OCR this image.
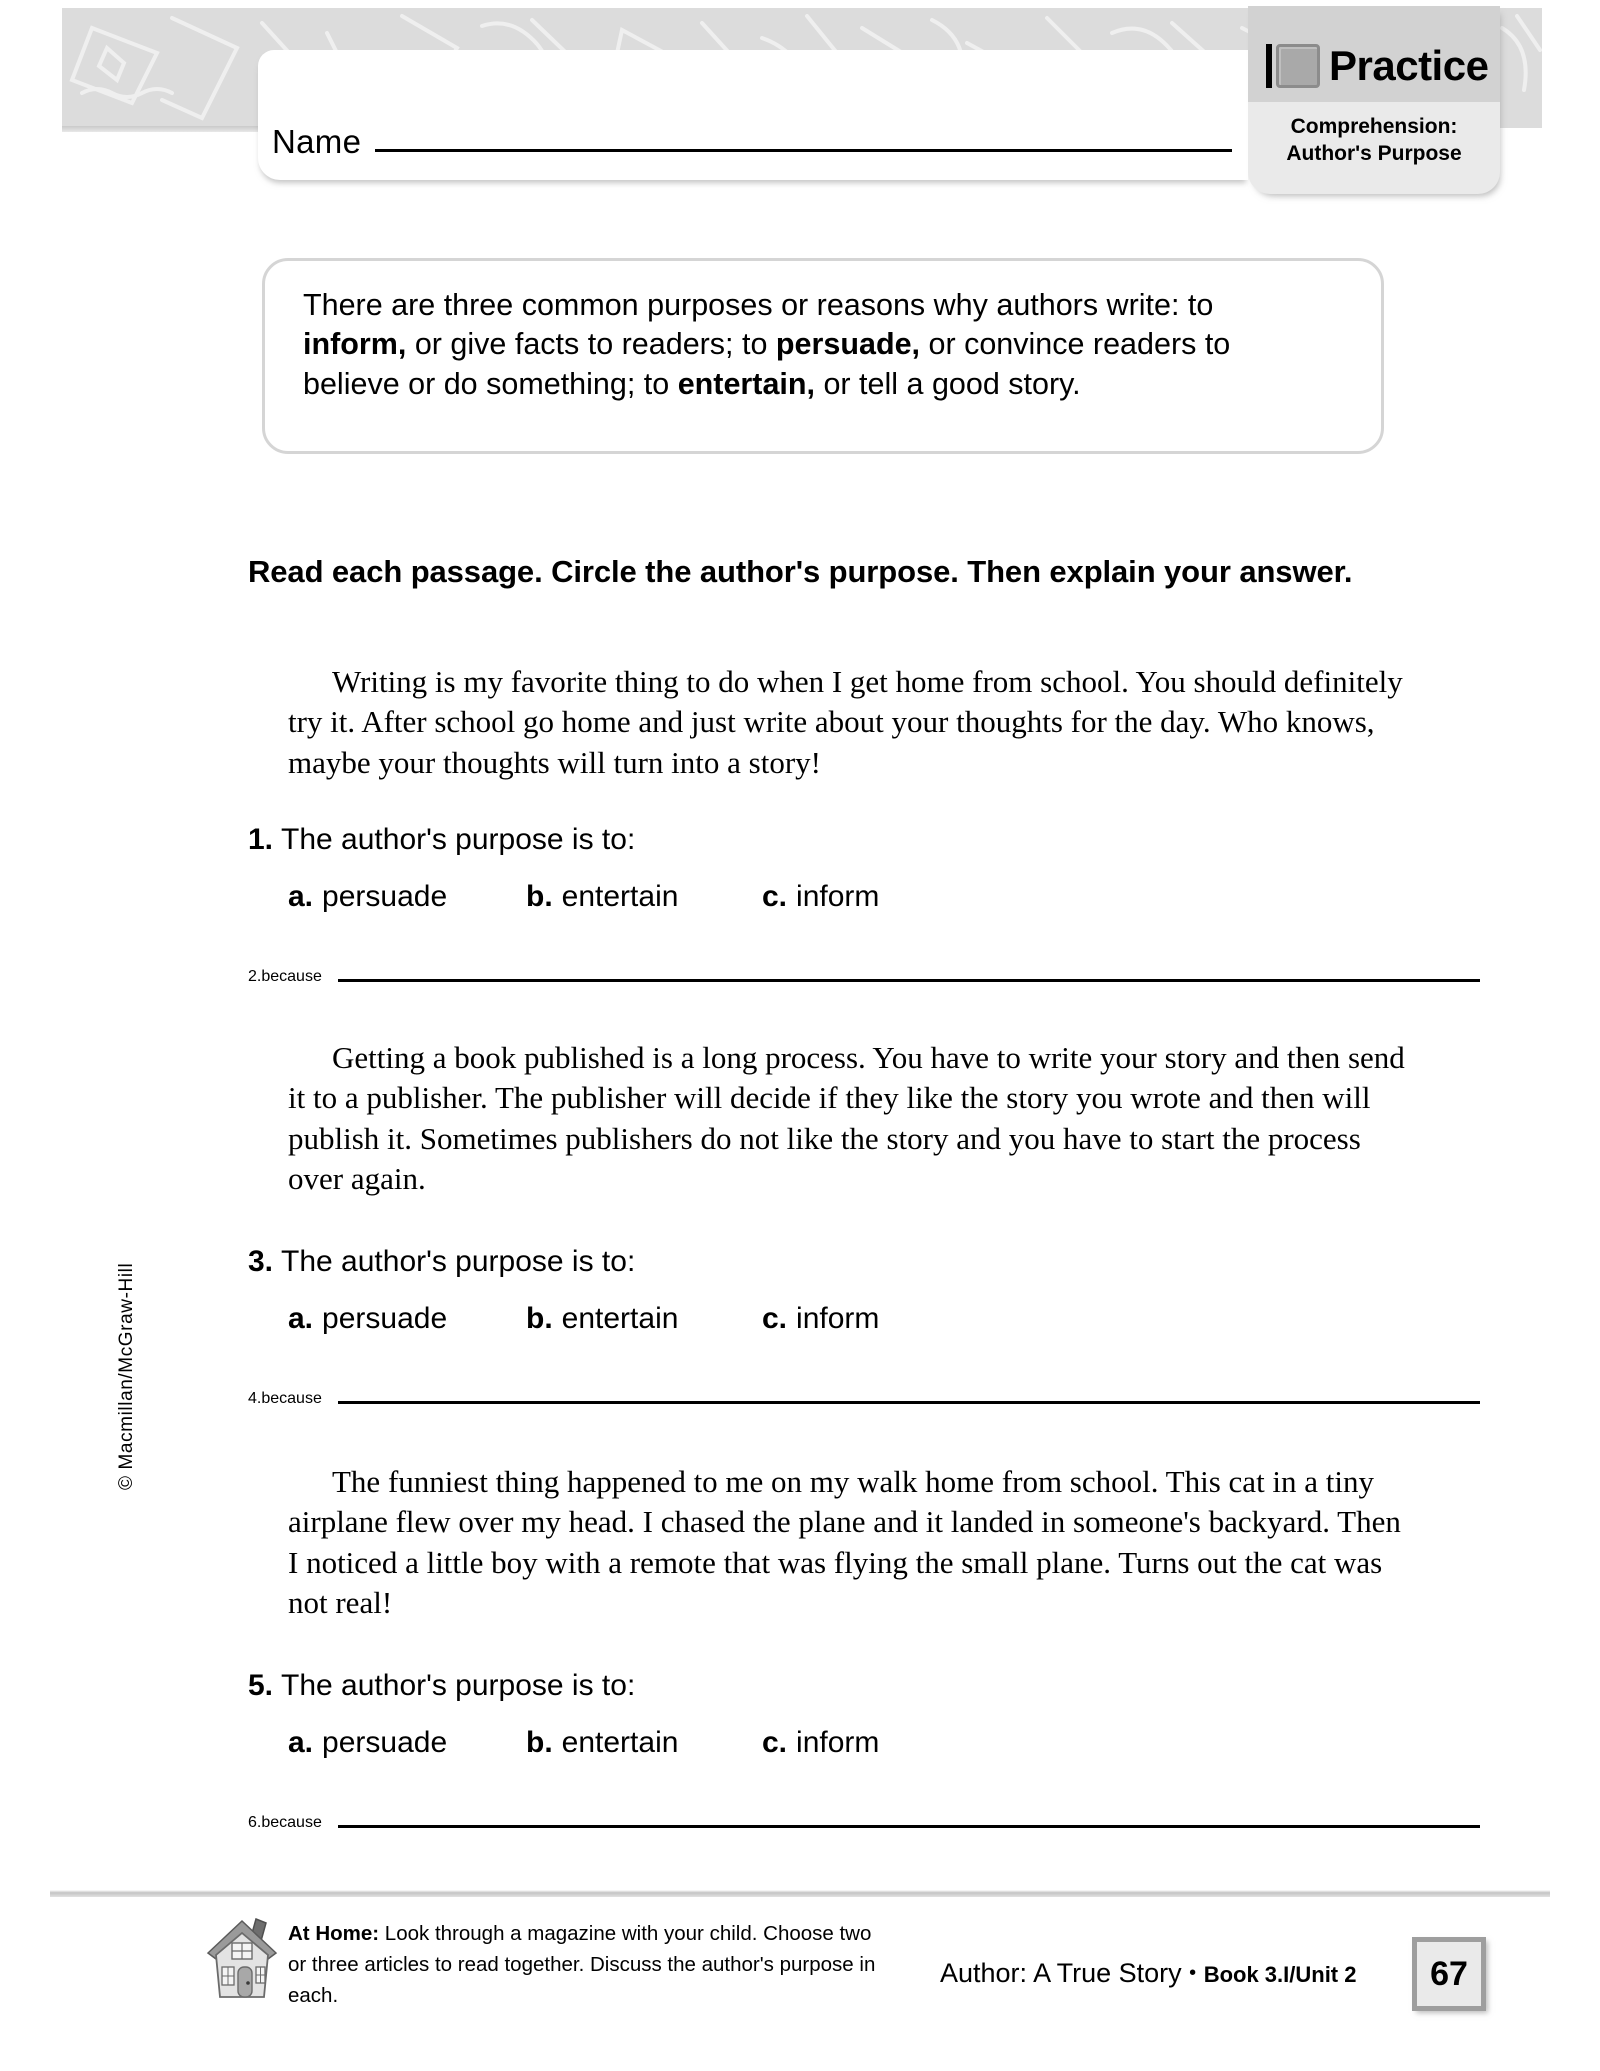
Name
Practice
Comprehension:
Author's Purpose

There are three common purposes or reasons why authors write: to inform, or give facts to readers; to persuade, or convince readers to believe or do something; to entertain, or tell a good story.

Read each passage. Circle the author's purpose. Then explain your answer.
Writing is my favorite thing to do when I get home from school. You should definitely try it. After school go home and just write about your thoughts for the day. Who knows, maybe your thoughts will turn into a story!
1. The author's purpose is to:
a. persuade	b. entertain	c. inform
2.because
Getting a book published is a long process. You have to write your story and then send it to a publisher. The publisher will decide if they like the story you wrote and then will publish it. Sometimes publishers do not like the story and you have to start the process over again.
3. The author's purpose is to:
a. persuade	b. entertain	c. inform
4.because
The funniest thing happened to me on my walk home from school. This cat in a tiny airplane flew over my head. I chased the plane and it landed in someone's backyard. Then I noticed a little boy with a remote that was flying the small plane. Turns out the cat was not real!
5. The author's purpose is to:
a. persuade	b. entertain	c. inform
6.because
© Macmillan/McGraw-Hill
At Home: Look through a magazine with your child. Choose two or three articles to read together. Discuss the author's purpose in each.
Author: A True Story • Book 3.I/Unit 2 67
